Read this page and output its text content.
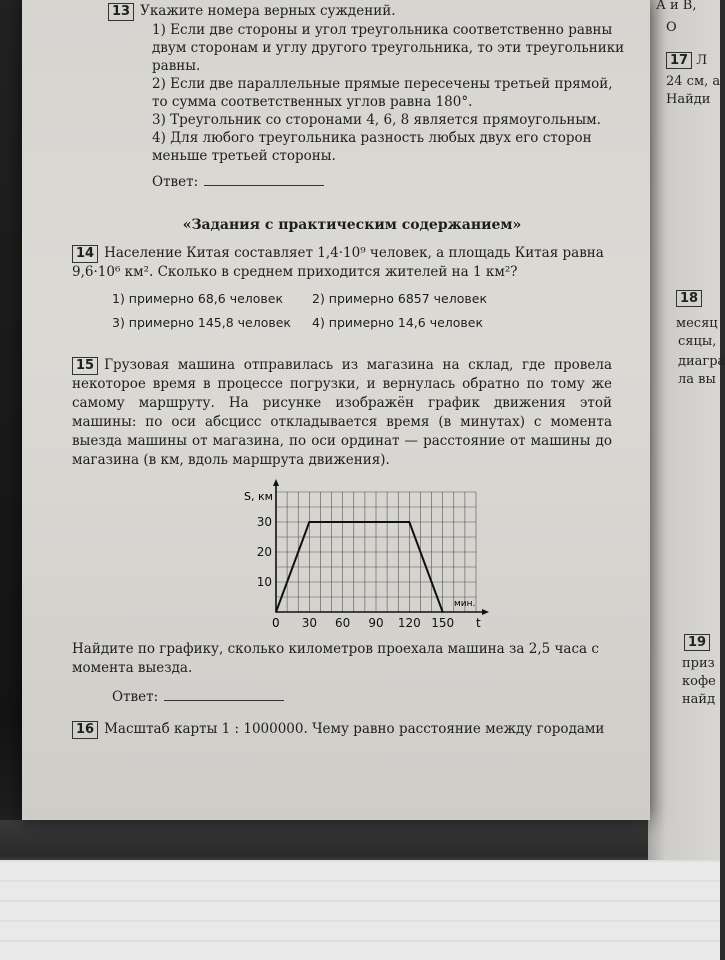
А и В,
О
17 Л
24 см, а
Найди
18
месяц
сяцы,
диагра
ла вы
19
приз
кофе
найд
13 Укажите номера верных суждений.
1) Если две стороны и угол треугольника соответственно равны двум сторонам и углу другого треугольника, то эти треугольники равны.
2) Если две параллельные прямые пересечены третьей прямой, то сумма соответственных углов равна 180°.
3) Треугольник со сторонами 4, 6, 8 является прямоугольным.
4) Для любого треугольника разность любых двух его сторон меньше третьей стороны.
Ответ:

«Задания с практическим содержанием»

14 Население Китая составляет 1,4·10⁹ человек, а площадь Китая равна 9,6·10⁶ км². Сколько в среднем приходится жителей на 1 км²?
1) примерно 68,6 человек	2) примерно 6857 человек
3) примерно 145,8 человек	4) примерно 14,6 человек
15 Грузовая машина отправилась из магазина на склад, где провела некоторое время в процессе погрузки, и вернулась обратно по тому же самому маршруту. На рисунке изображён график движения этой машины: по оси абсцисс откладывается время (в минутах) с момента выезда машины от магазина, по оси ординат — расстояние от машины до магазина (в км, вдоль маршрута движения).
30 60 90 120 150
10
20
30
S, км
мин.
t
0
Найдите по графику, сколько километров проехала машина за 2,5 часа с момента выезда.
Ответ:
16 Масштаб карты 1 : 1000000. Чему равно расстояние между городами
